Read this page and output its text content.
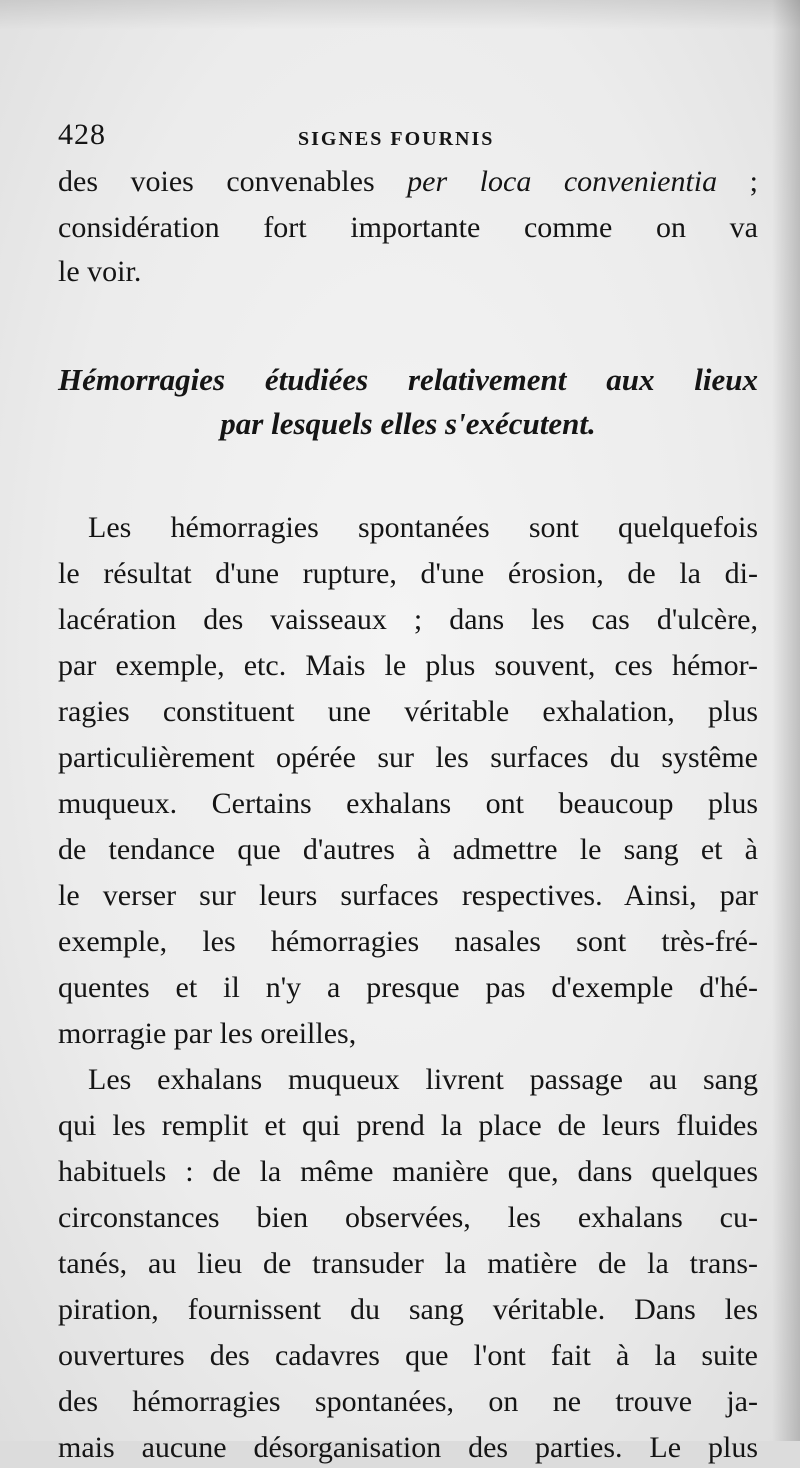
428	SIGNES FOURNIS
des voies convenables per loca convenientia ;
considération fort importante comme on va
le voir.
Hémorragies étudiées relativement aux lieux
par lesquels elles s'exécutent.
Les hémorragies spontanées sont quelquefois
le résultat d'une rupture, d'une érosion, de la di-
lacération des vaisseaux ; dans les cas d'ulcère,
par exemple, etc. Mais le plus souvent, ces hémor-
ragies constituent une véritable exhalation, plus
particulièrement opérée sur les surfaces du systême
muqueux. Certains exhalans ont beaucoup plus
de tendance que d'autres à admettre le sang et à
le verser sur leurs surfaces respectives. Ainsi, par
exemple, les hémorragies nasales sont très-fré-
quentes et il n'y a presque pas d'exemple d'hé-
morragie par les oreilles,
Les exhalans muqueux livrent passage au sang
qui les remplit et qui prend la place de leurs fluides
habituels : de la même manière que, dans quelques
circonstances bien observées, les exhalans cu-
tanés, au lieu de transuder la matière de la trans-
piration, fournissent du sang véritable. Dans les
ouvertures des cadavres que l'ont fait à la suite
des hémorragies spontanées, on ne trouve ja-
mais aucune désorganisation des parties. Le plus
